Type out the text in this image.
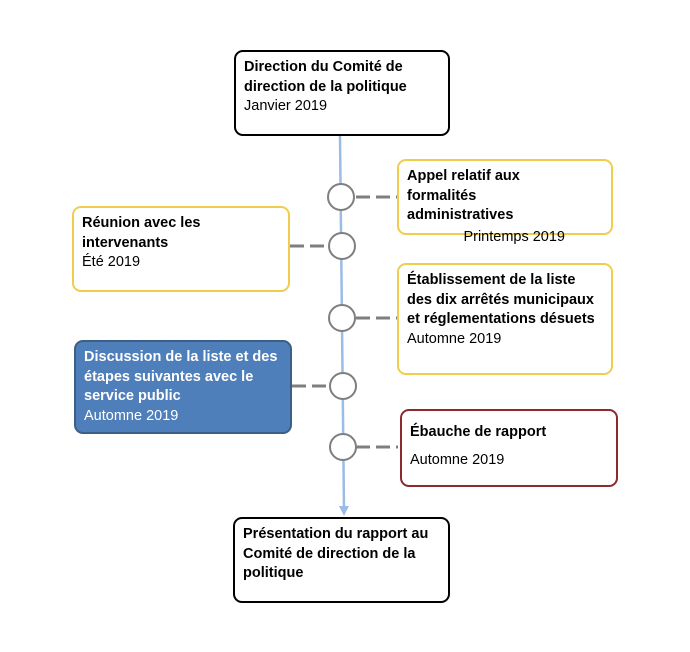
Direction du Comité de direction de la politique
Janvier 2019
Appel relatif aux formalités administratives
Printemps 2019
Réunion avec les intervenants
Été 2019
Établissement de la liste des dix arrêtés municipaux et réglementations désuets
Automne 2019
Discussion de la liste et des étapes suivantes avec le service public
Automne 2019
Ébauche de rapport
Automne 2019
Présentation du rapport au Comité de direction de la politique
